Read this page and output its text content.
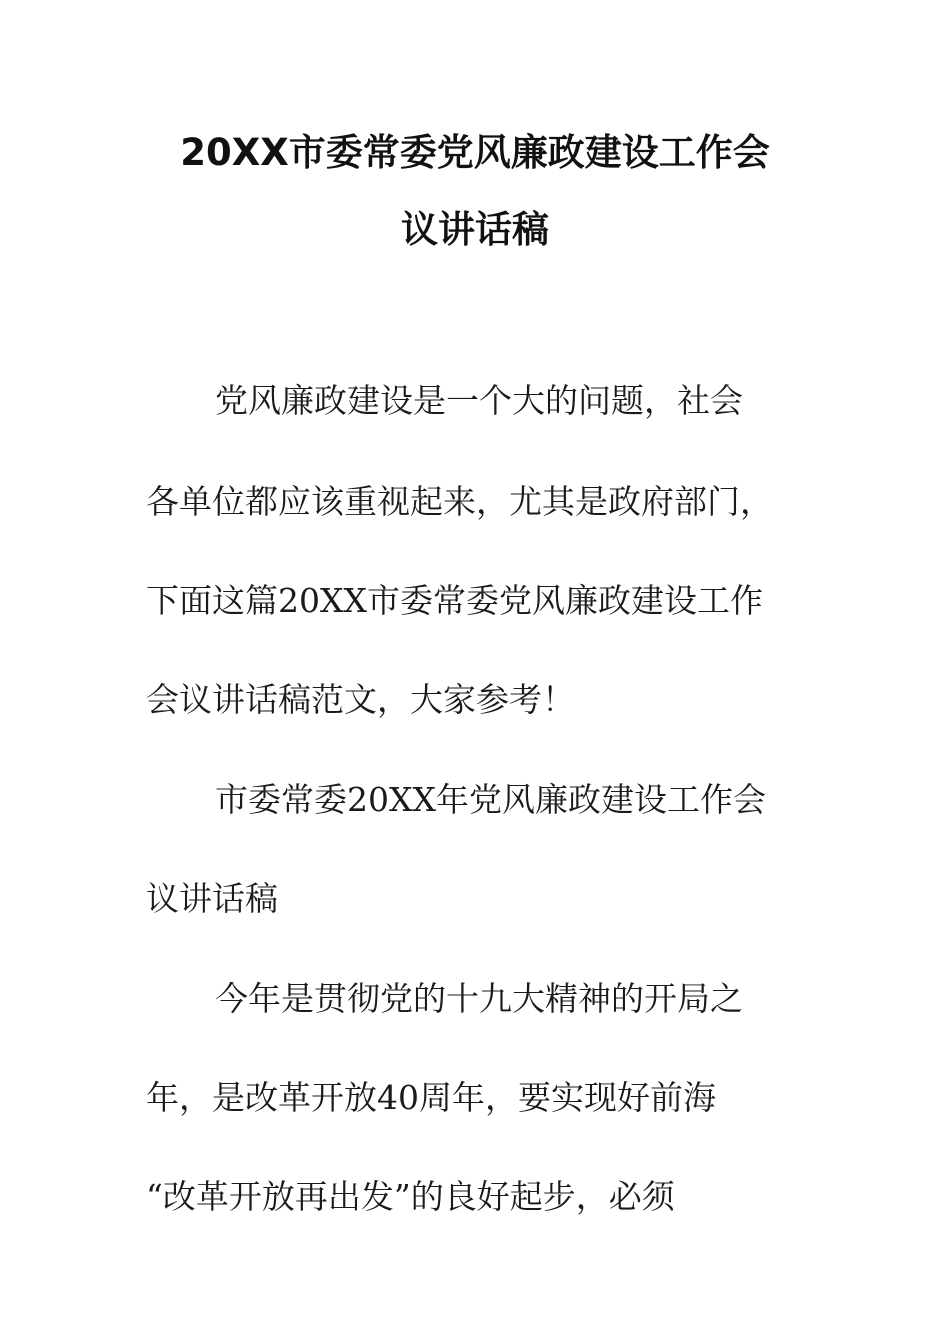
20XX市委常委党风廉政建设工作会
议讲话稿
党风廉政建设是一个大的问题，社会
各单位都应该重视起来，尤其是政府部门，
下面这篇20XX市委常委党风廉政建设工作
会议讲话稿范文，大家参考！
市委常委20XX年党风廉政建设工作会
议讲话稿
今年是贯彻党的十九大精神的开局之
年，是改革开放40周年，要实现好前海
“改革开放再出发”的良好起步，必须
